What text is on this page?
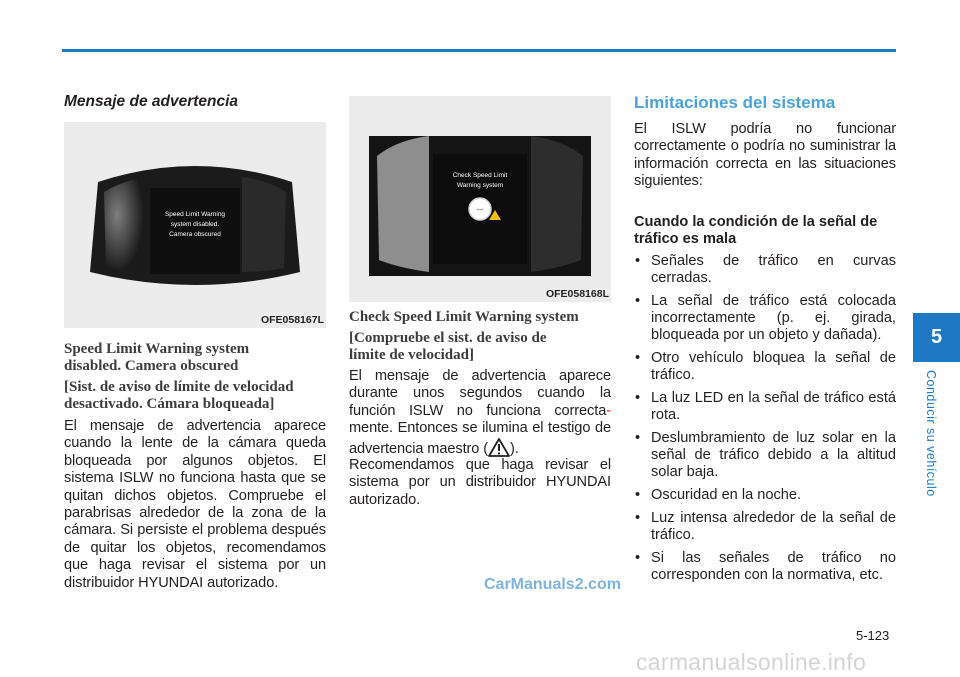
Mensaje de advertencia
Speed Limit Warning
system disabled.
Camera obscured
OFE058167L
Speed Limit Warning system
disabled. Camera obscured
[Sist. de aviso de límite de velocidad
desactivado. Cámara bloqueada]
El mensaje de advertencia aparece cuando la lente de la cámara queda bloqueada por algunos objetos. El sistema ISLW no funciona hasta que se quitan dichos objetos. Compruebe el parabrisas alrededor de la zona de la cámara. Si persiste el problema después de quitar los objetos, recomendamos que haga revisar el sistema por un distribuidor HYUNDAI autorizado.
Check Speed Limit
Warning system
---
OFE058168L
Check Speed Limit Warning system
[Compruebe el sist. de aviso de
límite de velocidad]
El mensaje de advertencia aparece durante unos segundos cuando la función ISLW no funciona correcta- mente. Entonces se ilumina el testigo de advertencia maestro ( ).
Recomendamos que haga revisar el sistema por un distribuidor HYUNDAI autorizado.
Limitaciones del sistema
El ISLW podría no funcionar correctamente o podría no suministrar la información correcta en las situaciones siguientes:
Cuando la condición de la señal de tráfico es mala
• Señales de tráfico en curvas cerradas.
• La señal de tráfico está colocada incorrectamente (p. ej. girada, bloqueada por un objeto y dañada).
• Otro vehículo bloquea la señal de tráfico.
• La luz LED en la señal de tráfico está rota.
• Deslumbramiento de luz solar en la señal de tráfico debido a la altitud solar baja.
• Oscuridad en la noche.
• Luz intensa alrededor de la señal de tráfico.
• Si las señales de tráfico no corresponden con la normativa, etc.
5
Conducir su vehículo
5-123
CarManuals2.com
carmanualsonline.info
